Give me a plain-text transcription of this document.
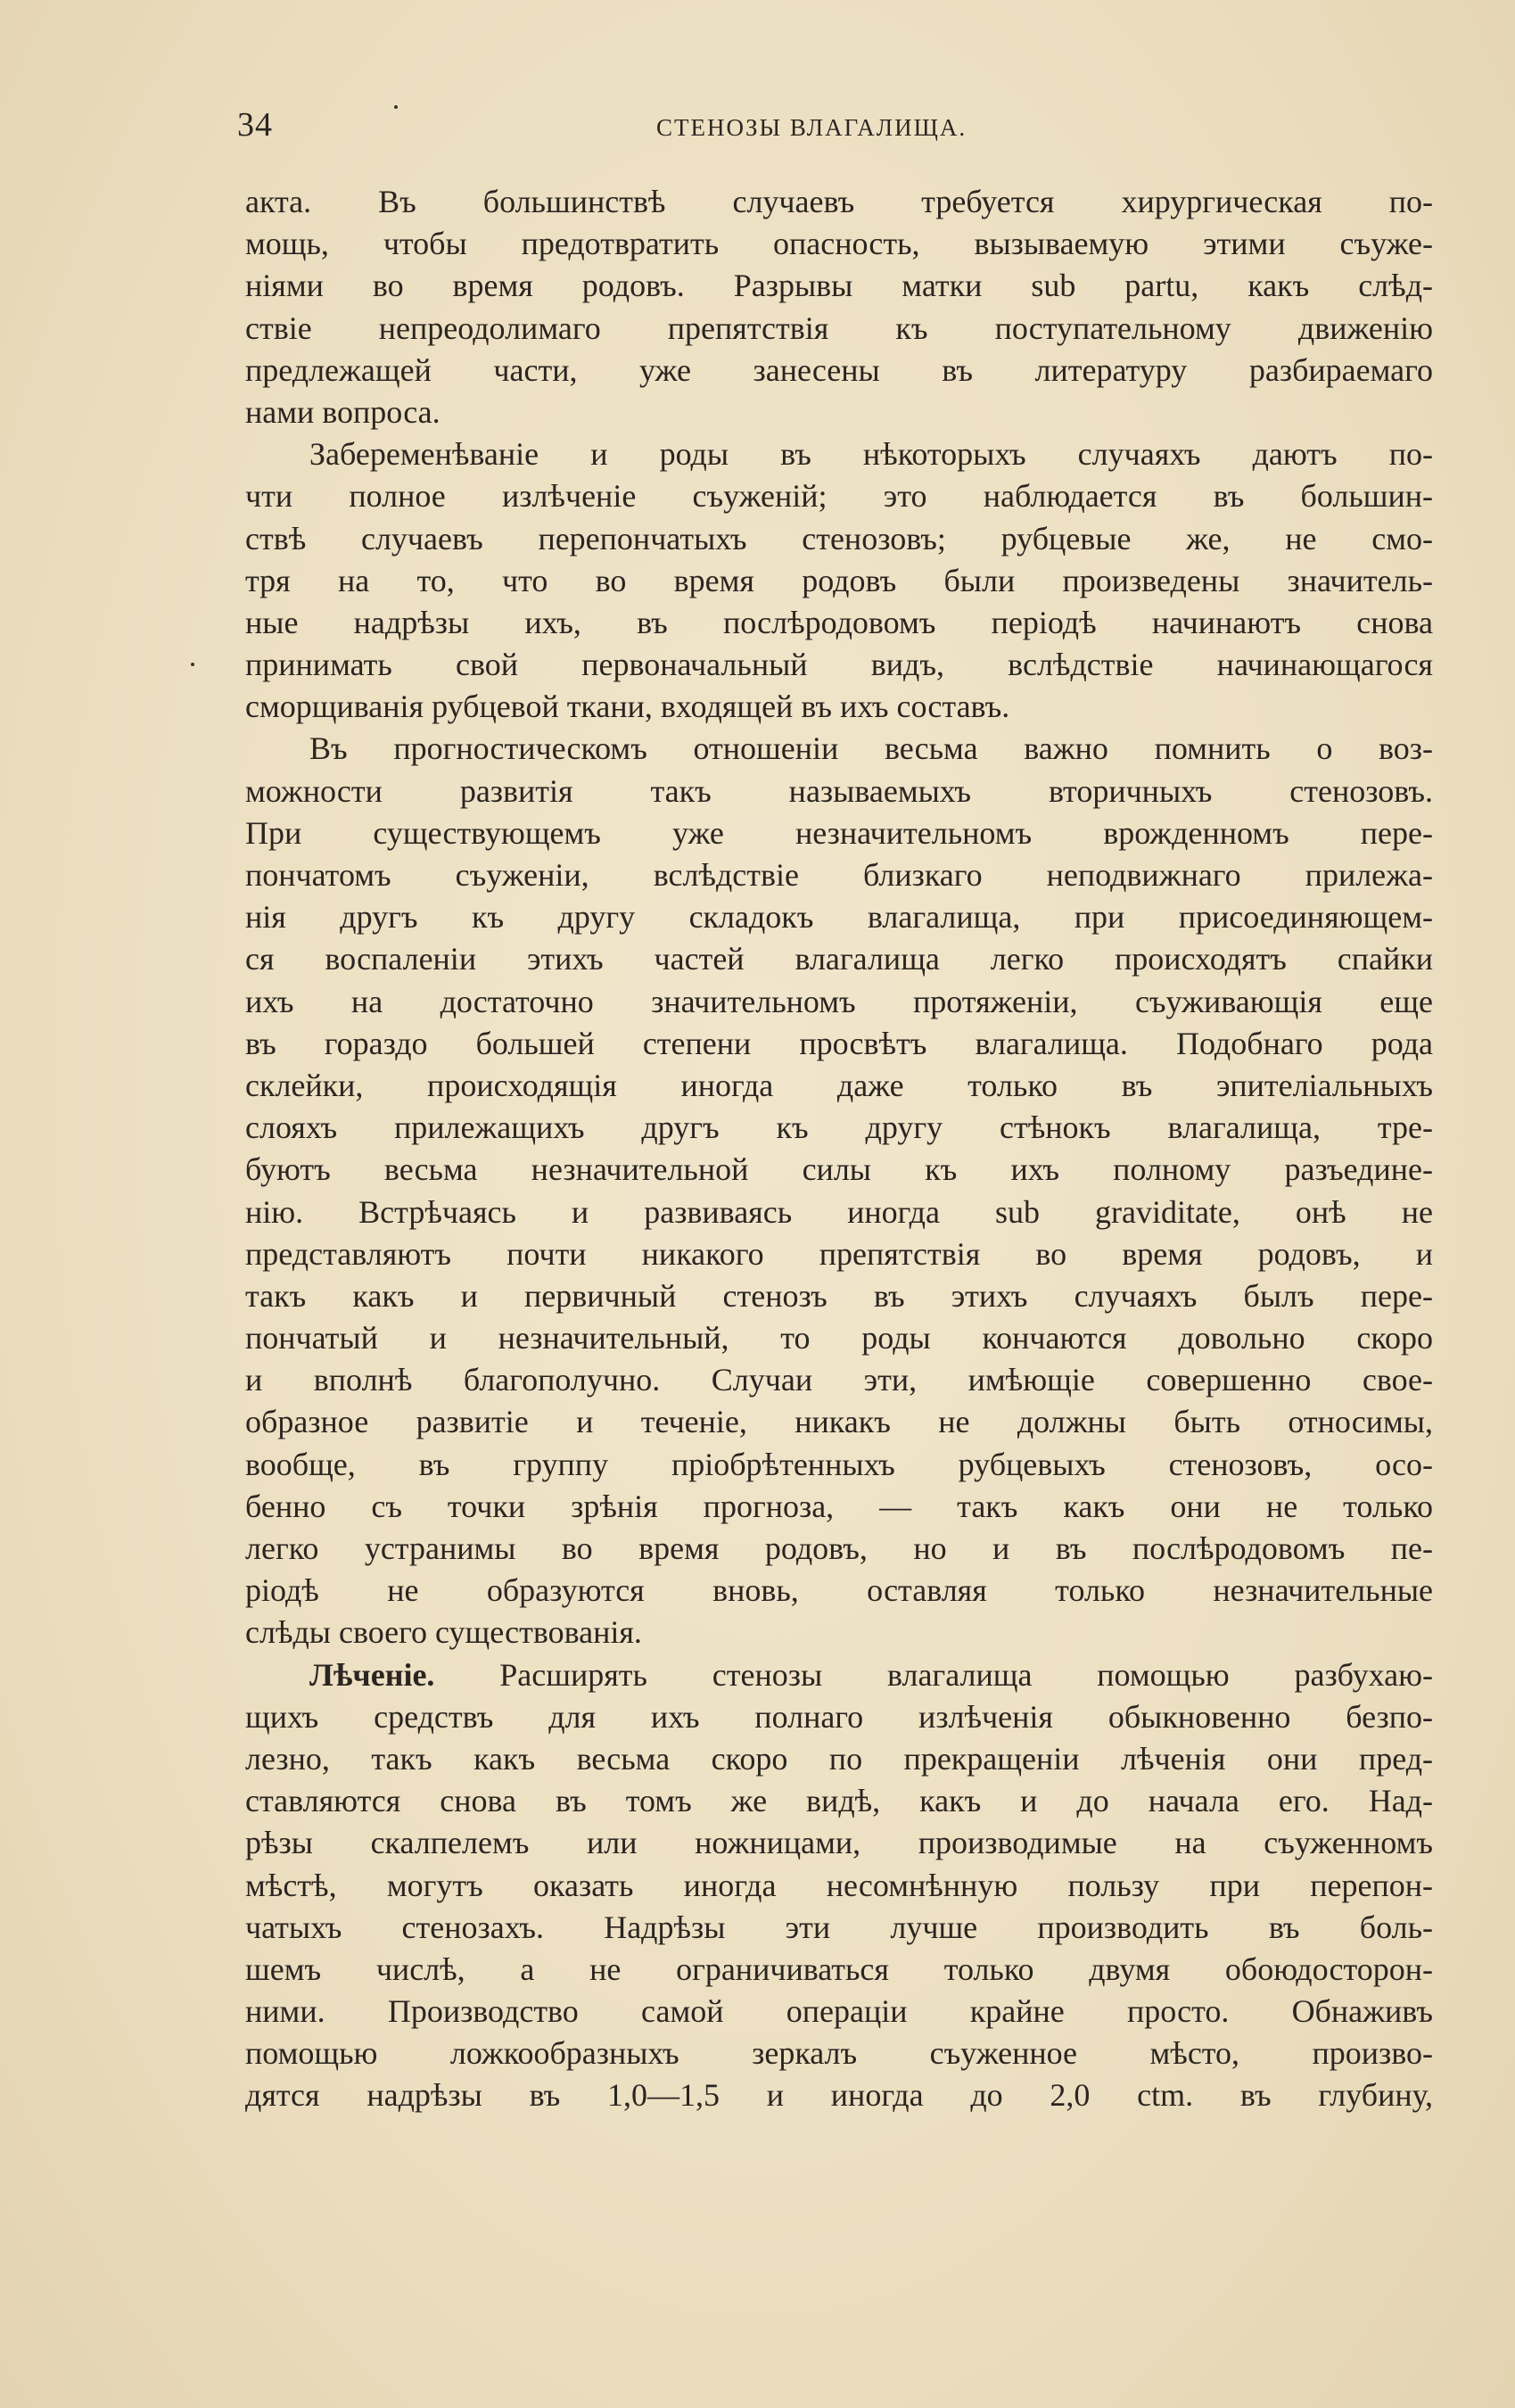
34	СТЕНОЗЫ ВЛАГАЛИЩА.
акта. Въ большинствѣ случаевъ требуется хирургическая по-
мощь, чтобы предотвратить опасность, вызываемую этими съуже-
ніями во время родовъ. Разрывы матки sub partu, какъ слѣд-
ствіе непреодолимаго препятствія къ поступательному движенію
предлежащей части, уже занесены въ литературу разбираемаго
нами вопроса.
Забеременѣваніе и роды въ нѣкоторыхъ случаяхъ даютъ по-
чти полное излѣченіе съуженій; это наблюдается въ большин-
ствѣ случаевъ перепончатыхъ стенозовъ; рубцевые же, не смо-
тря на то, что во время родовъ были произведены значитель-
ные надрѣзы ихъ, въ послѣродовомъ періодѣ начинаютъ снова
принимать свой первоначальный видъ, вслѣдствіе начинающагося
сморщиванія рубцевой ткани, входящей въ ихъ составъ.
Въ прогностическомъ отношеніи весьма важно помнить о воз-
можности развитія такъ называемыхъ вторичныхъ стенозовъ.
При существующемъ уже незначительномъ врожденномъ пере-
пончатомъ съуженіи, вслѣдствіе близкаго неподвижнаго прилежа-
нія другъ къ другу складокъ влагалища, при присоединяющем-
ся воспаленіи этихъ частей влагалища легко происходятъ спайки
ихъ на достаточно значительномъ протяженіи, съуживающія еще
въ гораздо большей степени просвѣтъ влагалища. Подобнаго рода
склейки, происходящія иногда даже только въ эпителіальныхъ
слояхъ прилежащихъ другъ къ другу стѣнокъ влагалища, тре-
буютъ весьма незначительной силы къ ихъ полному разъедине-
нію. Встрѣчаясь и развиваясь иногда sub gravіditate, онѣ не
представляютъ почти никакого препятствія во время родовъ, и
такъ какъ и первичный стенозъ въ этихъ случаяхъ былъ пере-
пончатый и незначительный, то роды кончаются довольно скоро
и вполнѣ благополучно. Случаи эти, имѣющіе совершенно свое-
образное развитіе и теченіе, никакъ не должны быть относимы,
вообще, въ группу пріобрѣтенныхъ рубцевыхъ стенозовъ, осо-
бенно съ точки зрѣнія прогноза, — такъ какъ они не только
легко устранимы во время родовъ, но и въ послѣродовомъ пе-
ріодѣ не образуются вновь, оставляя только незначительные
слѣды своего существованія.
Лѣченіе. Расширять стенозы влагалища помощью разбухаю-
щихъ средствъ для ихъ полнаго излѣченія обыкновенно безпо-
лезно, такъ какъ весьма скоро по прекращеніи лѣченія они пред-
ставляются снова въ томъ же видѣ, какъ и до начала его. Над-
рѣзы скалпелемъ или ножницами, производимые на съуженномъ
мѣстѣ, могутъ оказать иногда несомнѣнную пользу при перепон-
чатыхъ стенозахъ. Надрѣзы эти лучше производить въ боль-
шемъ числѣ, а не ограничиваться только двумя обоюдосторон-
ними. Производство самой операціи крайне просто. Обнаживъ
помощью ложкообразныхъ зеркалъ съуженное мѣсто, произво-
дятся надрѣзы въ 1,0—1,5 и иногда до 2,0 ctm. въ глубину,
